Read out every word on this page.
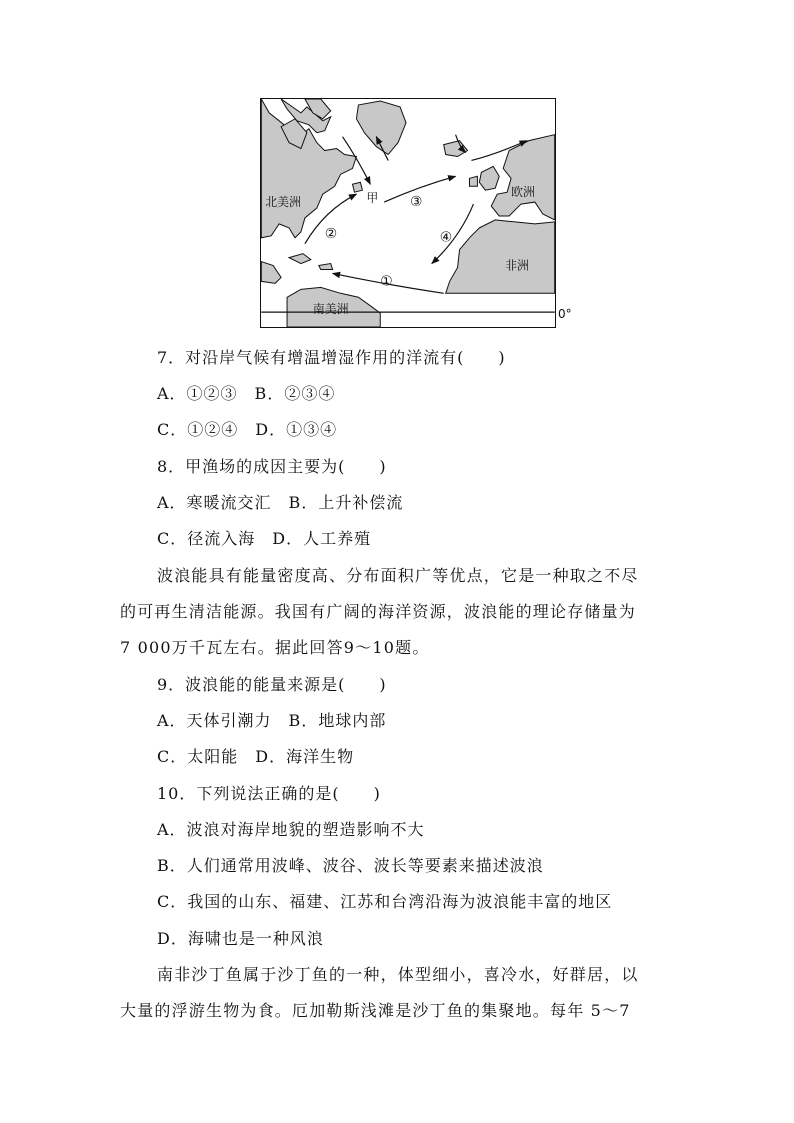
北美洲
欧洲
非洲
南美洲
甲
①
②
③
④
0°
7．对沿岸气候有增温增湿作用的洋流有(　　)
A．①②③　B．②③④
C．①②④　D．①③④
8．甲渔场的成因主要为(　　)
A．寒暖流交汇　B．上升补偿流
C．径流入海　D．人工养殖
波浪能具有能量密度高、分布面积广等优点，它是一种取之不尽
的可再生清洁能源。我国有广阔的海洋资源，波浪能的理论存储量为
7 000万千瓦左右。据此回答9～10题。
9．波浪能的能量来源是(　　)
A．天体引潮力　B．地球内部
C．太阳能　D．海洋生物
10．下列说法正确的是(　　)
A．波浪对海岸地貌的塑造影响不大
B．人们通常用波峰、波谷、波长等要素来描述波浪
C．我国的山东、福建、江苏和台湾沿海为波浪能丰富的地区
D．海啸也是一种风浪
南非沙丁鱼属于沙丁鱼的一种，体型细小，喜冷水，好群居，以
大量的浮游生物为食。厄加勒斯浅滩是沙丁鱼的集聚地。每年 5～7
